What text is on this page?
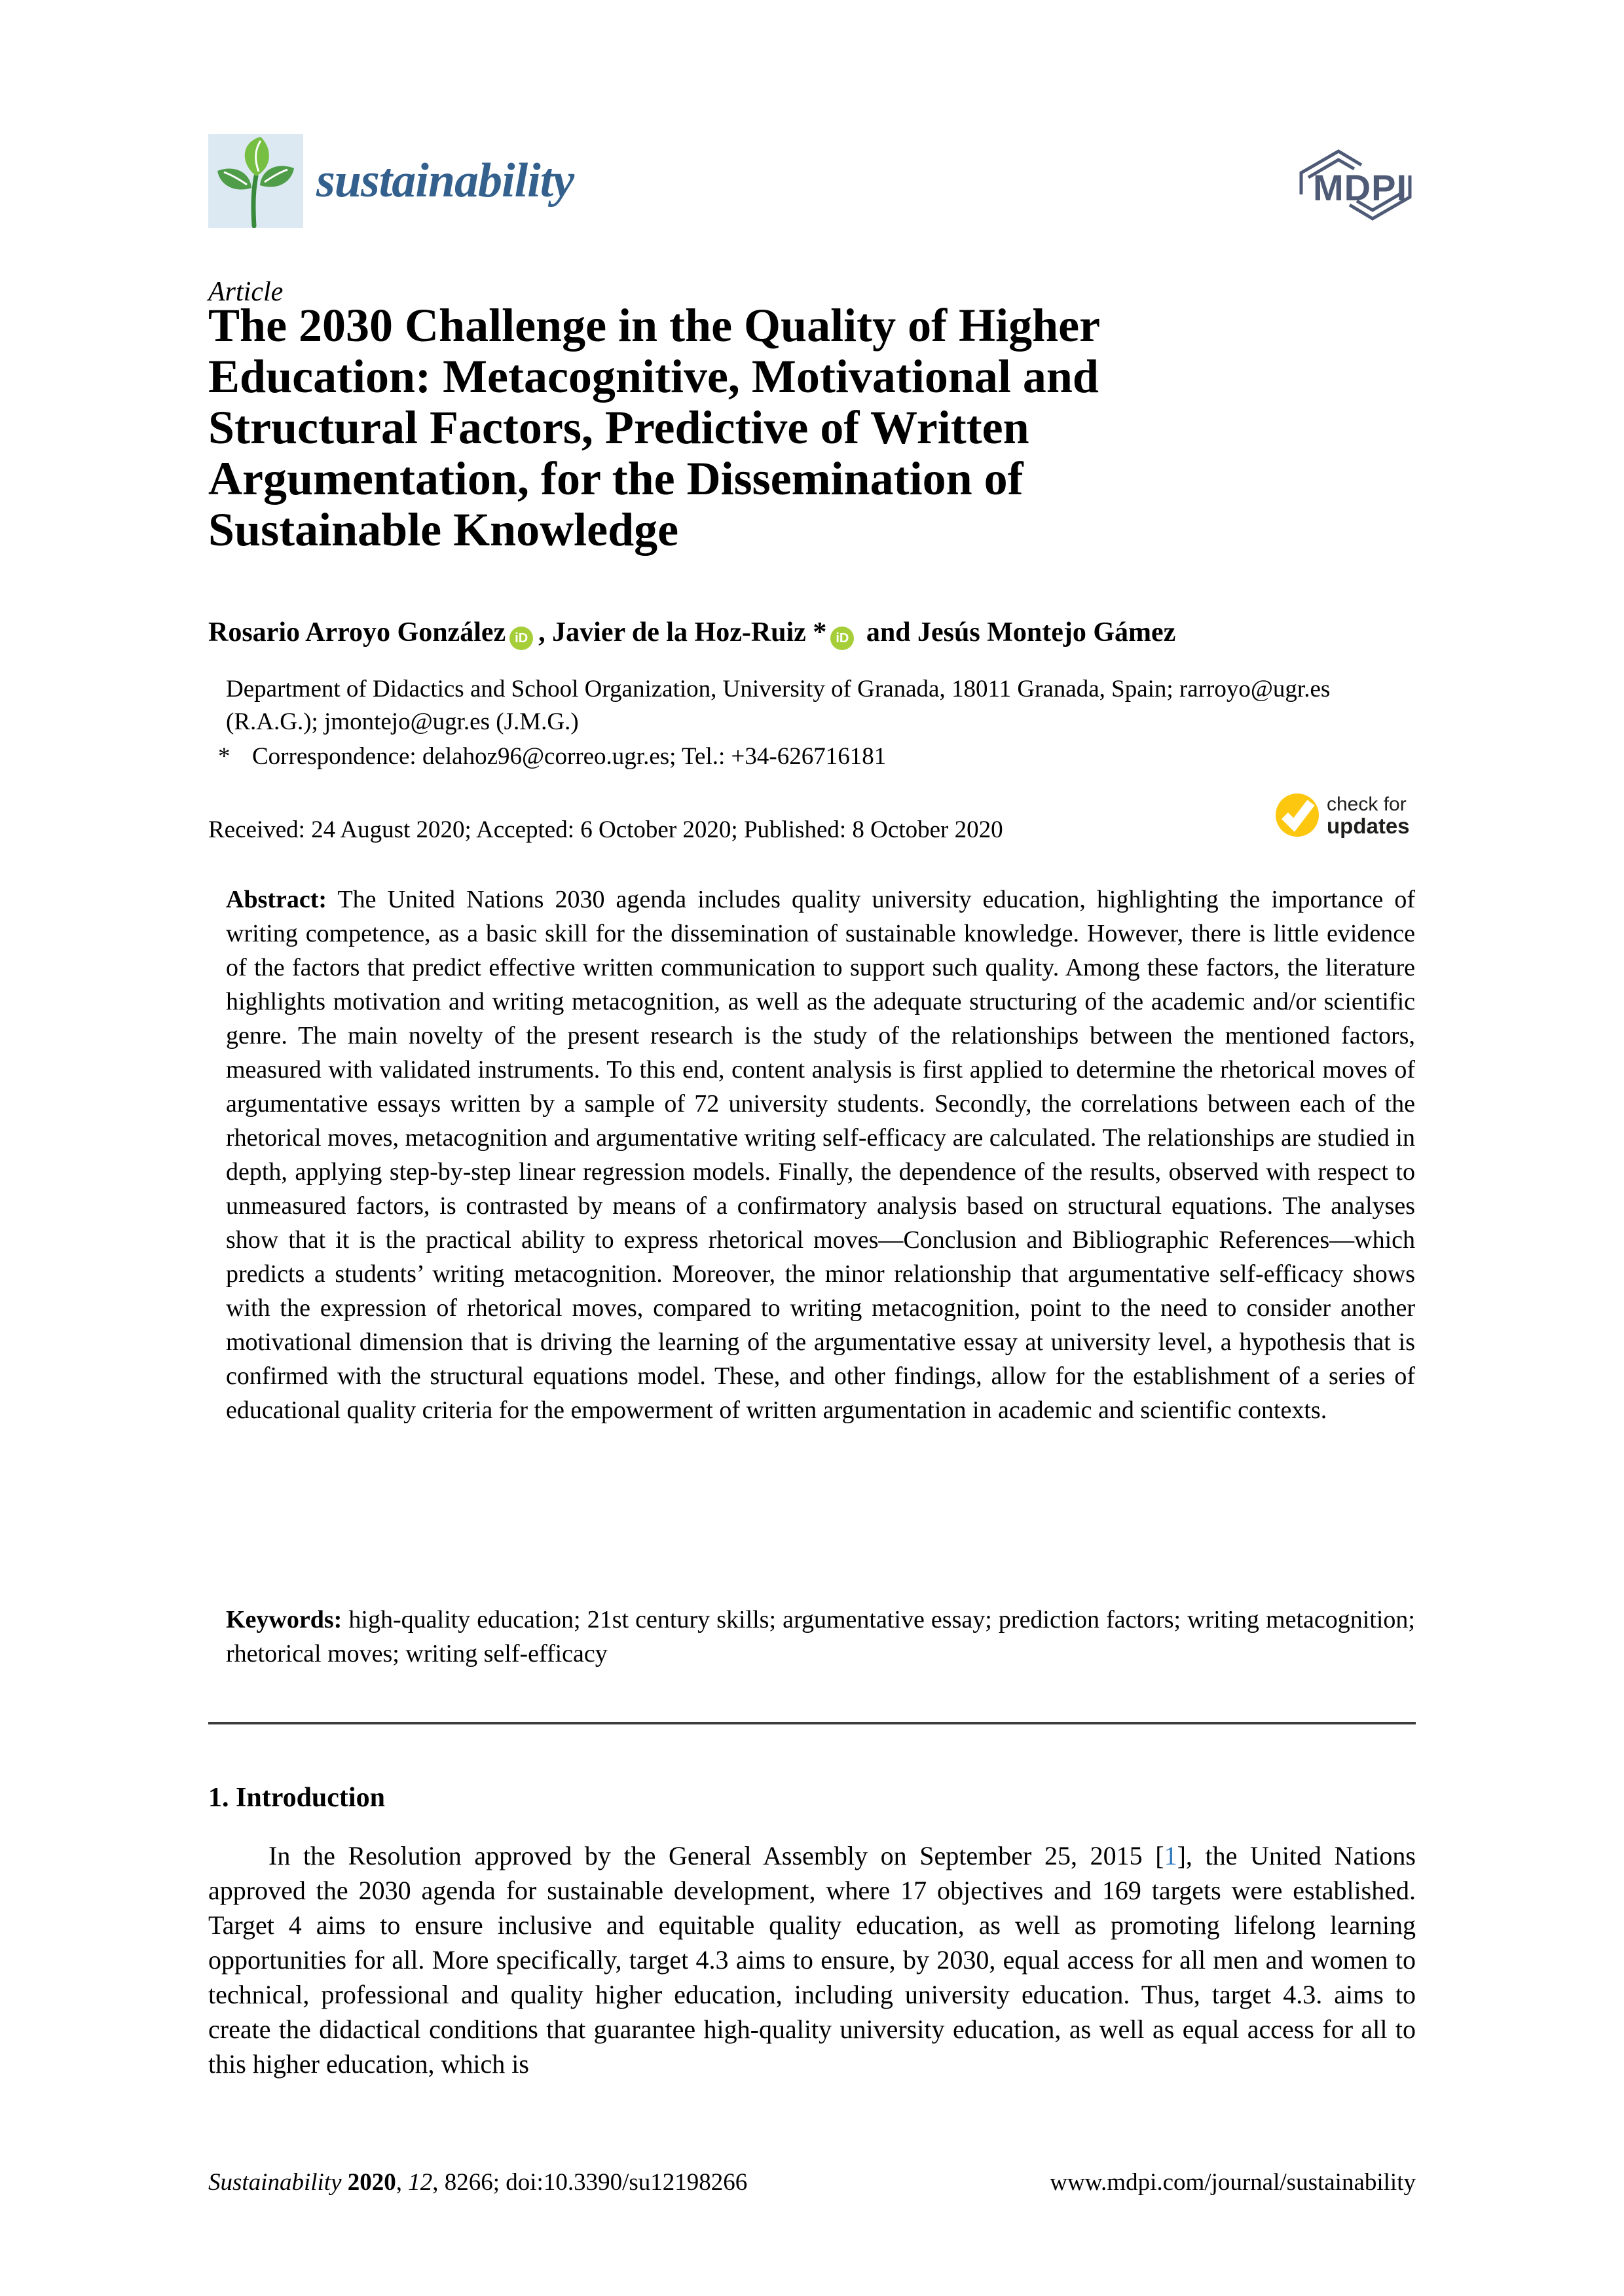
sustainability	MDPI
Article
The 2030 Challenge in the Quality of Higher
Education: Metacognitive, Motivational and
Structural Factors, Predictive of Written
Argumentation, for the Dissemination of
Sustainable Knowledge
Rosario Arroyo González iD , Javier de la Hoz-Ruiz * iD and Jesús Montejo Gámez
Department of Didactics and School Organization, University of Granada, 18011 Granada, Spain; rarroyo@ugr.es (R.A.G.); jmontejo@ugr.es (J.M.G.)
* Correspondence: delahoz96@correo.ugr.es; Tel.: +34-626716181
Received: 24 August 2020; Accepted: 6 October 2020; Published: 8 October 2020
check for
updates
Abstract: The United Nations 2030 agenda includes quality university education, highlighting the importance of writing competence, as a basic skill for the dissemination of sustainable knowledge. However, there is little evidence of the factors that predict effective written communication to support such quality. Among these factors, the literature highlights motivation and writing metacognition, as well as the adequate structuring of the academic and/or scientific genre. The main novelty of the present research is the study of the relationships between the mentioned factors, measured with validated instruments. To this end, content analysis is first applied to determine the rhetorical moves of argumentative essays written by a sample of 72 university students. Secondly, the correlations between each of the rhetorical moves, metacognition and argumentative writing self-efficacy are calculated. The relationships are studied in depth, applying step-by-step linear regression models. Finally, the dependence of the results, observed with respect to unmeasured factors, is contrasted by means of a confirmatory analysis based on structural equations. The analyses show that it is the practical ability to express rhetorical moves—Conclusion and Bibliographic References—which predicts a students’ writing metacognition. Moreover, the minor relationship that argumentative self-efficacy shows with the expression of rhetorical moves, compared to writing metacognition, point to the need to consider another motivational dimension that is driving the learning of the argumentative essay at university level, a hypothesis that is confirmed with the structural equations model. These, and other findings, allow for the establishment of a series of educational quality criteria for the empowerment of written argumentation in academic and scientific contexts.
Keywords: high-quality education; 21st century skills; argumentative essay; prediction factors; writing metacognition; rhetorical moves; writing self-efficacy
1. Introduction
In the Resolution approved by the General Assembly on September 25, 2015 [1], the United Nations approved the 2030 agenda for sustainable development, where 17 objectives and 169 targets were established. Target 4 aims to ensure inclusive and equitable quality education, as well as promoting lifelong learning opportunities for all. More specifically, target 4.3 aims to ensure, by 2030, equal access for all men and women to technical, professional and quality higher education, including university education. Thus, target 4.3. aims to create the didactical conditions that guarantee high-quality university education, as well as equal access for all to this higher education, which is
Sustainability 2020, 12, 8266; doi:10.3390/su12198266	www.mdpi.com/journal/sustainability
